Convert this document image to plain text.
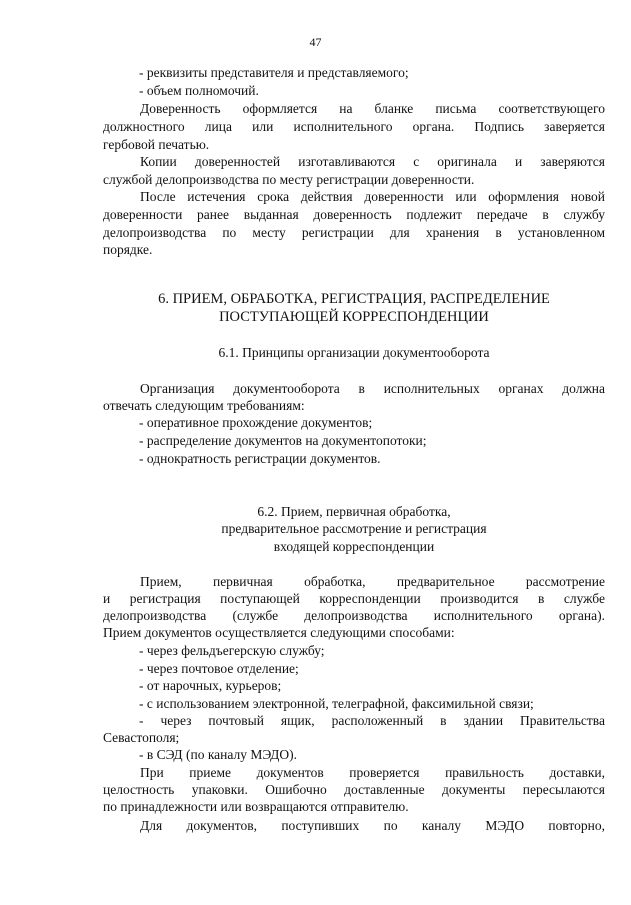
47

- реквизиты представителя и представляемого;

- объем полномочий.

Доверенность оформляется на бланке письма соответствующего

должностного лица или исполнительного органа. Подпись заверяется

гербовой печатью.

Копии доверенностей изготавливаются с оригинала и заверяются

службой делопроизводства по месту регистрации доверенности.

После истечения срока действия доверенности или оформления новой

доверенности ранее выданная доверенность подлежит передаче в службу

делопроизводства по месту регистрации для хранения в установленном

порядке.

6. ПРИЕМ, ОБРАБОТКА, РЕГИСТРАЦИЯ, РАСПРЕДЕЛЕНИЕ

ПОСТУПАЮЩЕЙ КОРРЕСПОНДЕНЦИИ

6.1. Принципы организации документооборота

Организация документооборота в исполнительных органах должна

отвечать следующим требованиям:

- оперативное прохождение документов;

- распределение документов на документопотоки;

- однократность регистрации документов.

6.2. Прием, первичная обработка,

предварительное рассмотрение и регистрация

входящей корреспонденции

Прием, первичная обработка, предварительное рассмотрение

и регистрация поступающей корреспонденции производится в службе

делопроизводства (службе делопроизводства исполнительного органа).

Прием документов осуществляется следующими способами:

- через фельдъегерскую службу;

- через почтовое отделение;

- от нарочных, курьеров;

- с использованием электронной, телеграфной, факсимильной связи;

- через почтовый ящик, расположенный в здании Правительства

Севастополя;

- в СЭД (по каналу МЭДО).

При приеме документов проверяется правильность доставки,

целостность упаковки. Ошибочно доставленные документы пересылаются

по принадлежности или возвращаются отправителю.

Для документов, поступивших по каналу МЭДО повторно,
